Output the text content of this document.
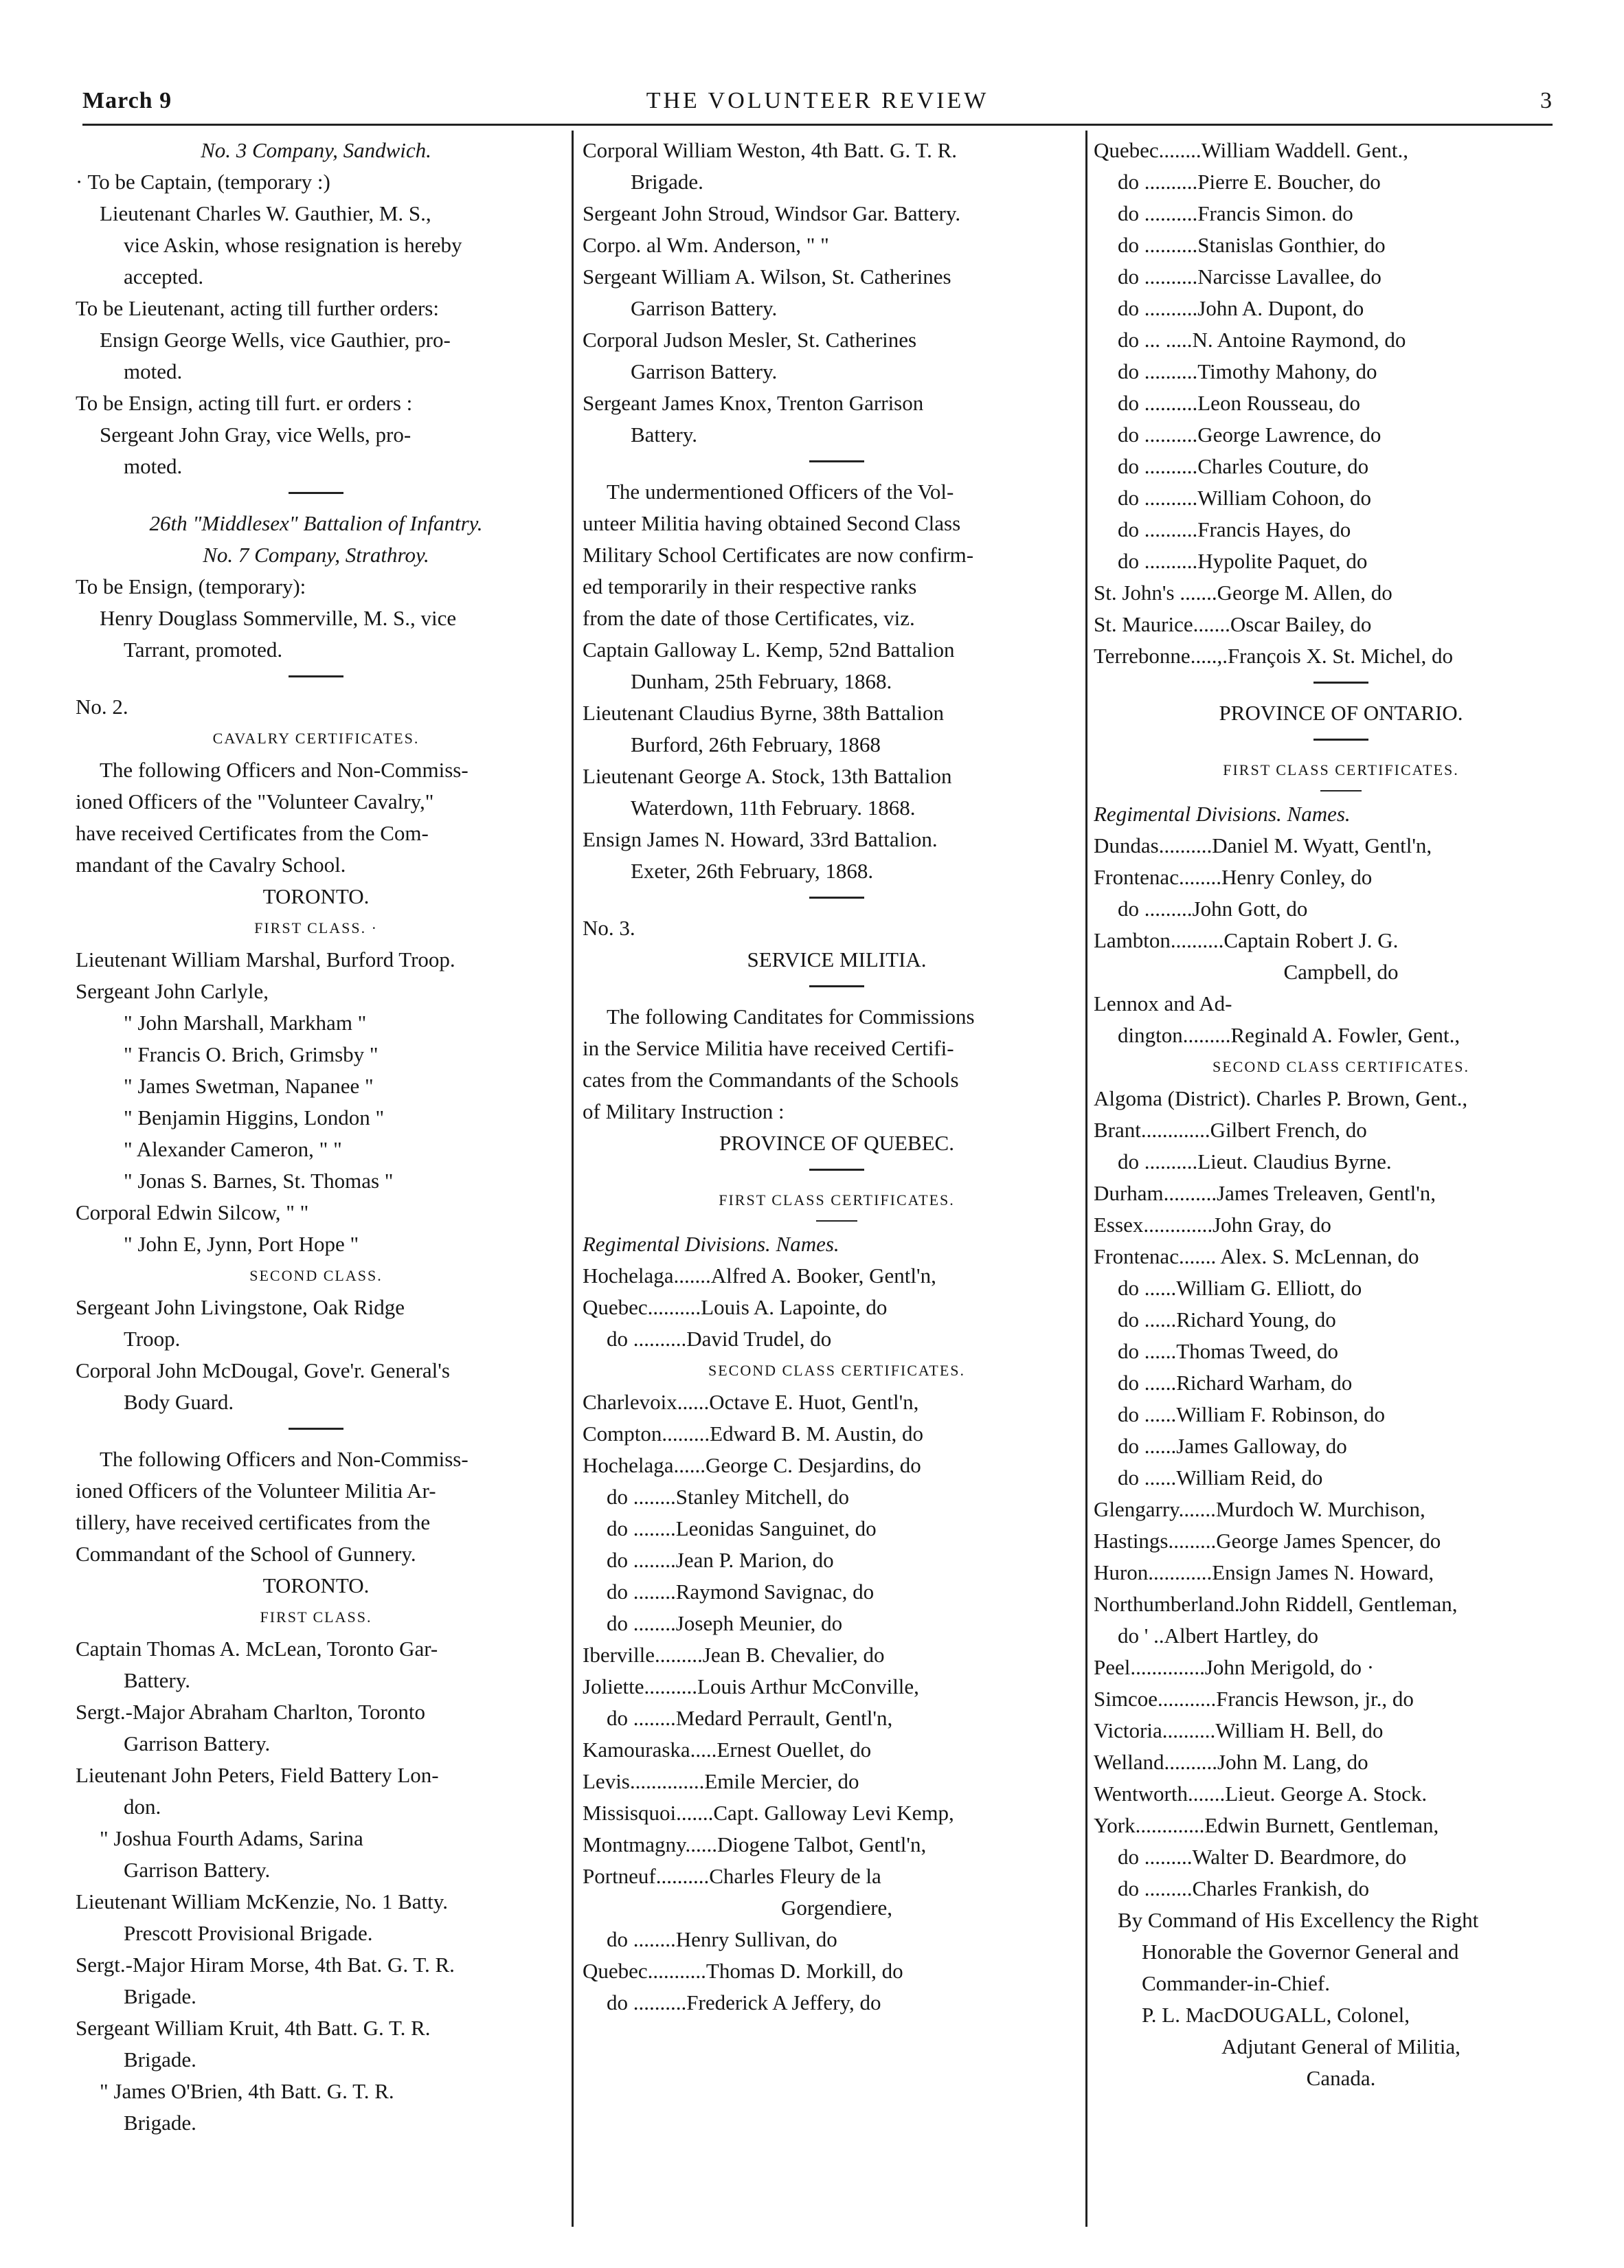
March 9	THE VOLUNTEER REVIEW	3
No. 3 Company, Sandwich.
· To be Captain, (temporary :)
Lieutenant Charles W. Gauthier, M. S.,
vice Askin, whose resignation is hereby
accepted.
To be Lieutenant, acting till further orders:
Ensign George Wells, vice Gauthier, pro-
moted.
To be Ensign, acting till furt. er orders :
Sergeant John Gray, vice Wells, pro-
moted.
26th "Middlesex" Battalion of Infantry.
No. 7 Company, Strathroy.
To be Ensign, (temporary):
Henry Douglass Sommerville, M. S., vice
Tarrant, promoted.
No. 2.
CAVALRY CERTIFICATES.
The following Officers and Non-Commiss-
ioned Officers of the "Volunteer Cavalry,"
have received Certificates from the Com-
mandant of the Cavalry School.
TORONTO.
FIRST CLASS. ·
Lieutenant William Marshal, Burford Troop.
Sergeant John Carlyle,
" John Marshall, Markham "
" Francis O. Brich, Grimsby "
" James Swetman, Napanee "
" Benjamin Higgins, London "
" Alexander Cameron, " "
" Jonas S. Barnes, St. Thomas "
Corporal Edwin Silcow, " "
" John E, Jynn, Port Hope "
SECOND CLASS.
Sergeant John Livingstone, Oak Ridge
Troop.
Corporal John McDougal, Gove'r. General's
Body Guard.
The following Officers and Non-Commiss-
ioned Officers of the Volunteer Militia Ar-
tillery, have received certificates from the
Commandant of the School of Gunnery.
TORONTO.
FIRST CLASS.
Captain Thomas A. McLean, Toronto Gar-
Battery.
Sergt.-Major Abraham Charlton, Toronto
Garrison Battery.
Lieutenant John Peters, Field Battery Lon-
don.
" Joshua Fourth Adams, Sarina
Garrison Battery.
Lieutenant William McKenzie, No. 1 Batty.
Prescott Provisional Brigade.
Sergt.-Major Hiram Morse, 4th Bat. G. T. R.
Brigade.
Sergeant William Kruit, 4th Batt. G. T. R.
Brigade.
" James O'Brien, 4th Batt. G. T. R.
Brigade.
Corporal William Weston, 4th Batt. G. T. R.
Brigade.
Sergeant John Stroud, Windsor Gar. Battery.
Corpo. al Wm. Anderson, " "
Sergeant William A. Wilson, St. Catherines
Garrison Battery.
Corporal Judson Mesler, St. Catherines
Garrison Battery.
Sergeant James Knox, Trenton Garrison
Battery.
The undermentioned Officers of the Vol-
unteer Militia having obtained Second Class
Military School Certificates are now confirm-
ed temporarily in their respective ranks
from the date of those Certificates, viz.
Captain Galloway L. Kemp, 52nd Battalion
Dunham, 25th February, 1868.
Lieutenant Claudius Byrne, 38th Battalion
Burford, 26th February, 1868
Lieutenant George A. Stock, 13th Battalion
Waterdown, 11th February. 1868.
Ensign James N. Howard, 33rd Battalion.
Exeter, 26th February, 1868.
No. 3.
SERVICE MILITIA.
The following Canditates for Commissions
in the Service Militia have received Certifi-
cates from the Commandants of the Schools
of Military Instruction :
PROVINCE OF QUEBEC.
FIRST CLASS CERTIFICATES.
Regimental Divisions. Names.
Hochelaga.......Alfred A. Booker, Gentl'n,
Quebec..........Louis A. Lapointe, do
do ..........David Trudel, do
SECOND CLASS CERTIFICATES.
Charlevoix......Octave E. Huot, Gentl'n,
Compton.........Edward B. M. Austin, do
Hochelaga......George C. Desjardins, do
do ........Stanley Mitchell, do
do ........Leonidas Sanguinet, do
do ........Jean P. Marion, do
do ........Raymond Savignac, do
do ........Joseph Meunier, do
Iberville.........Jean B. Chevalier, do
Joliette..........Louis Arthur McConville,
do ........Medard Perrault, Gentl'n,
Kamouraska.....Ernest Ouellet, do
Levis..............Emile Mercier, do
Missisquoi.......Capt. Galloway Levi Kemp,
Montmagny......Diogene Talbot, Gentl'n,
Portneuf..........Charles Fleury de la
Gorgendiere,
do ........Henry Sullivan, do
Quebec...........Thomas D. Morkill, do
do ..........Frederick A Jeffery, do
Quebec........William Waddell. Gent.,
do ..........Pierre E. Boucher, do
do ..........Francis Simon. do
do ..........Stanislas Gonthier, do
do ..........Narcisse Lavallee, do
do ..........John A. Dupont, do
do ... .....N. Antoine Raymond, do
do ..........Timothy Mahony, do
do ..........Leon Rousseau, do
do ..........George Lawrence, do
do ..........Charles Couture, do
do ..........William Cohoon, do
do ..........Francis Hayes, do
do ..........Hypolite Paquet, do
St. John's .......George M. Allen, do
St. Maurice.......Oscar Bailey, do
Terrebonne.....,.François X. St. Michel, do
PROVINCE OF ONTARIO.
FIRST CLASS CERTIFICATES.
Regimental Divisions. Names.
Dundas..........Daniel M. Wyatt, Gentl'n,
Frontenac........Henry Conley, do
do .........John Gott, do
Lambton..........Captain Robert J. G.
Campbell, do
Lennox and Ad-
dington.........Reginald A. Fowler, Gent.,
SECOND CLASS CERTIFICATES.
Algoma (District). Charles P. Brown, Gent.,
Brant.............Gilbert French, do
do ..........Lieut. Claudius Byrne.
Durham..........James Treleaven, Gentl'n,
Essex.............John Gray, do
Frontenac....... Alex. S. McLennan, do
do ......William G. Elliott, do
do ......Richard Young, do
do ......Thomas Tweed, do
do ......Richard Warham, do
do ......William F. Robinson, do
do ......James Galloway, do
do ......William Reid, do
Glengarry.......Murdoch W. Murchison,
Hastings.........George James Spencer, do
Huron............Ensign James N. Howard,
Northumberland.John Riddell, Gentleman,
do ' ..Albert Hartley, do
Peel..............John Merigold, do ·
Simcoe...........Francis Hewson, jr., do
Victoria..........William H. Bell, do
Welland..........John M. Lang, do
Wentworth.......Lieut. George A. Stock.
York.............Edwin Burnett, Gentleman,
do .........Walter D. Beardmore, do
do .........Charles Frankish, do
By Command of His Excellency the Right
Honorable the Governor General and
Commander-in-Chief.
P. L. MacDOUGALL, Colonel,
Adjutant General of Militia,
Canada.
